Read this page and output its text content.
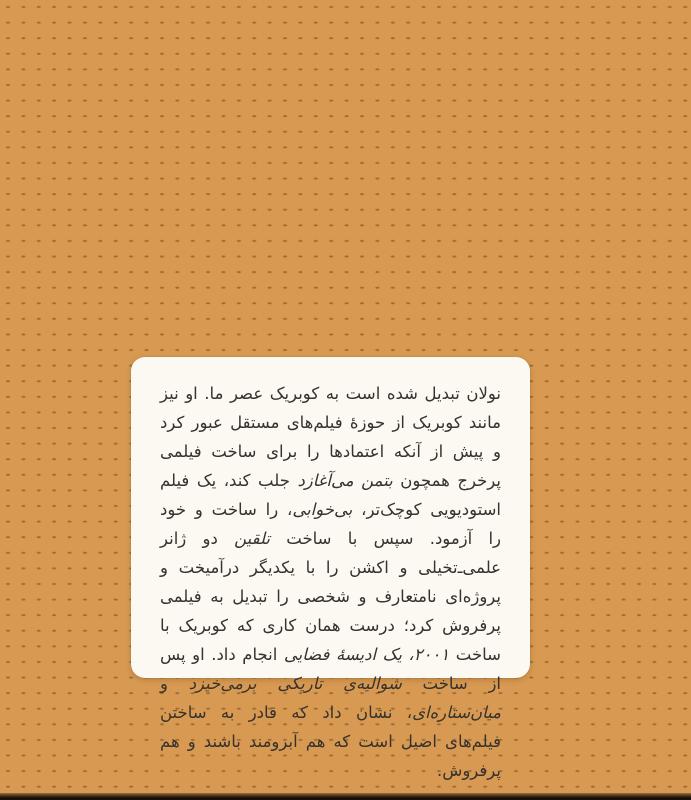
نولان تبدیل شده است به کوبریک عصر ما. او نیز مانند کوبریک از حوزۀ فیلم‌های مستقل عبور کرد و پیش از آنکه اعتمادها را برای ساخت فیلمی پرخرج همچون بتمن می‌آغازد جلب کند، یک فیلم استودیویی کوچک‌تر، بی‌خوابی، را ساخت و خود را آزمود. سپس با ساخت تلقین دو ژانر علمی‌ـ‌تخیلی و اکشن را با یکدیگر درآمیخت و پروژه‌ای نامتعارف و شخصی را تبدیل به فیلمی پرفروش کرد؛ درست همان کاری که کوبریک با ساخت ۲۰۰۱، یک ادیسۀ فضایی انجام داد. او پس از ساخت شوالیه‌ی تاریکی برمی‌خیزد و میان‌ستاره‌ای، نشان داد که قادر به ساختن فیلم‌های اصیل است که هم آبرومند باشند و هم پرفروش.
